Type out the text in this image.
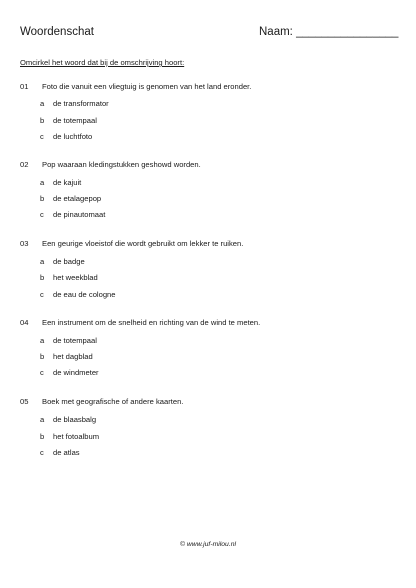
Woordenschat	Naam: ________________
Omcirkel het woord dat bij de omschrijving hoort:
01	Foto die vanuit een vliegtuig is genomen van het land eronder.
a	de transformator
b	de totempaal
c	de luchtfoto
02	Pop waaraan kledingstukken geshowd worden.
a	de kajuit
b	de etalagepop
c	de pinautomaat
03	Een geurige vloeistof die wordt gebruikt om lekker te ruiken.
a	de badge
b	het weekblad
c	de eau de cologne
04	Een instrument om de snelheid en richting van de wind te meten.
a	de totempaal
b	het dagblad
c	de windmeter
05	Boek met geografische of andere kaarten.
a	de blaasbalg
b	het fotoalbum
c	de atlas
© www.juf-milou.nl
